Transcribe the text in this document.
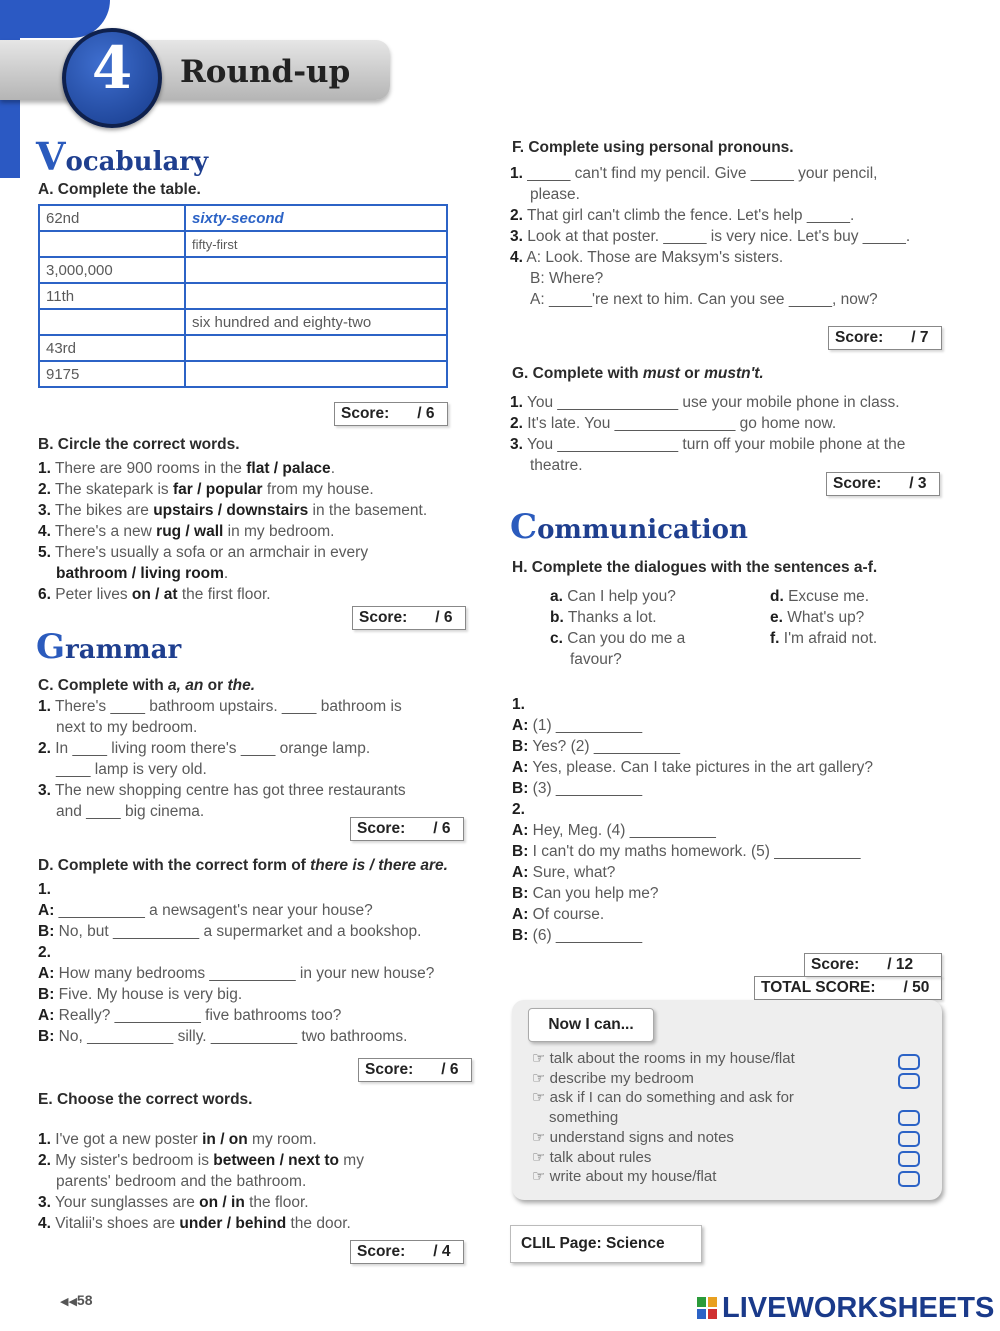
4	Round-up
Vocabulary
A. Complete the table.
62nd	sixty-second
	fifty-first
3,000,000	
11th	
	six hundred and eighty-two
43rd	
9175	
Score: / 6
B. Circle the correct words.
1. There are 900 rooms in the flat / palace.
2. The skatepark is far / popular from my house.
3. The bikes are upstairs / downstairs in the basement.
4. There's a new rug / wall in my bedroom.
5. There's usually a sofa or an armchair in every
bathroom / living room.
6. Peter lives on / at the first floor.
Score: / 6
Grammar
C. Complete with a, an or the.
1. There's ____ bathroom upstairs. ____ bathroom is
next to my bedroom.
2. In ____ living room there's ____ orange lamp.
____ lamp is very old.
3. The new shopping centre has got three restaurants
and ____ big cinema.
Score: / 6
D. Complete with the correct form of there is / there are.
1.
A: __________ a newsagent's near your house?
B: No, but __________ a supermarket and a bookshop.
2.
A: How many bedrooms __________ in your new house?
B: Five. My house is very big.
A: Really? __________ five bathrooms too?
B: No, __________ silly. __________ two bathrooms.
Score: / 6
E. Choose the correct words.
1. I've got a new poster in / on my room.
2. My sister's bedroom is between / next to my
parents' bedroom and the bathroom.
3. Your sunglasses are on / in the floor.
4. Vitalii's shoes are under / behind the door.
Score: / 4
F. Complete using personal pronouns.
1. _____ can't find my pencil. Give _____ your pencil,
please.
2. That girl can't climb the fence. Let's help _____.
3. Look at that poster. _____ is very nice. Let's buy _____.
4. A: Look. Those are Maksym's sisters.
B: Where?
A: _____'re next to him. Can you see _____, now?
Score: / 7
G. Complete with must or mustn't.
1. You ______________ use your mobile phone in class.
2. It's late. You ______________ go home now.
3. You ______________ turn off your mobile phone at the
theatre.
Score: / 3
Communication
H. Complete the dialogues with the sentences a-f.
a. Can I help you?	d. Excuse me.
b. Thanks a lot.	e. What's up?
c. Can you do me a	f. I'm afraid not.
favour?
1.
A: (1) __________
B: Yes? (2) __________
A: Yes, please. Can I take pictures in the art gallery?
B: (3) __________
2.
A: Hey, Meg. (4) __________
B: I can't do my maths homework. (5) __________
A: Sure, what?
B: Can you help me?
A: Of course.
B: (6) __________
Score: / 12
TOTAL SCORE: / 50
Now I can...
☞ talk about the rooms in my house/flat
☞ describe my bedroom
☞ ask if I can do something and ask for
something
☞ understand signs and notes
☞ talk about rules
☞ write about my house/flat
CLIL Page: Science
◀◀58	LIVEWORKSHEETS
